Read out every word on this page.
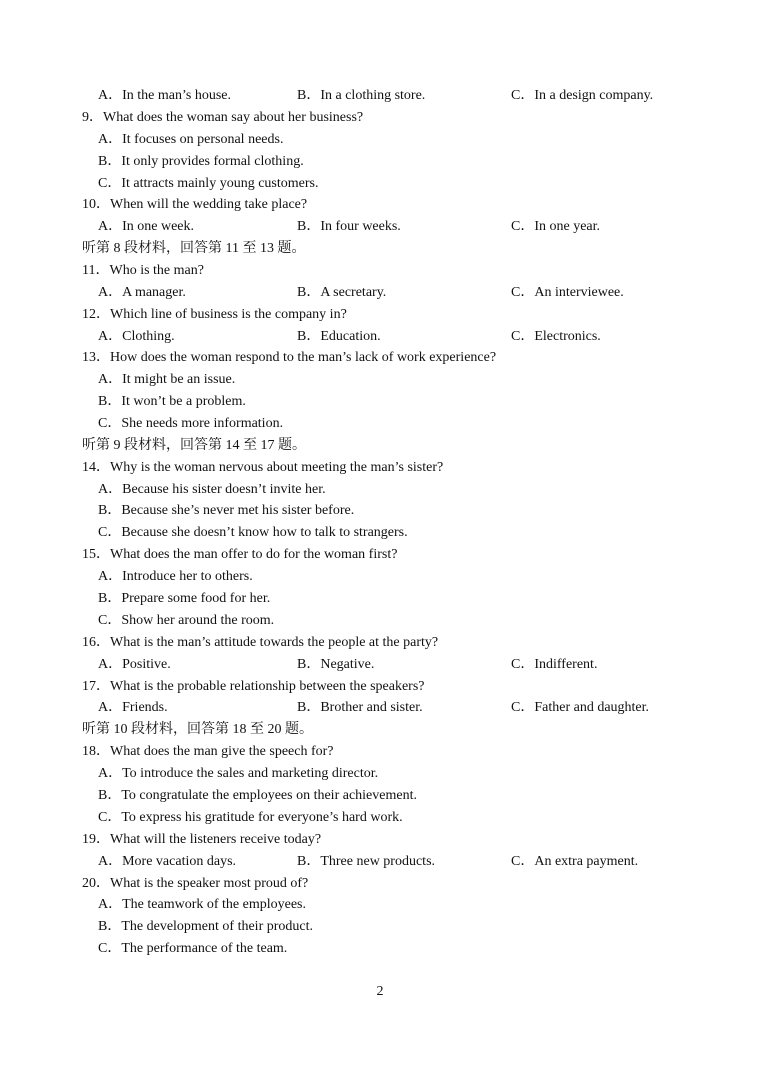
A．In the man’s house.	B．In a clothing store.	C．In a design company.
9．What does the woman say about her business?
A．It focuses on personal needs.
B．It only provides formal clothing.
C．It attracts mainly young customers.
10．When will the wedding take place?
A．In one week.	B．In four weeks.	C．In one year.
听第 8 段材料，回答第 11 至 13 题。
11．Who is the man?
A．A manager.	B．A secretary.	C．An interviewee.
12．Which line of business is the company in?
A．Clothing.	B．Education.	C．Electronics.
13．How does the woman respond to the man’s lack of work experience?
A．It might be an issue.
B．It won’t be a problem.
C．She needs more information.
听第 9 段材料，回答第 14 至 17 题。
14．Why is the woman nervous about meeting the man’s sister?
A．Because his sister doesn’t invite her.
B．Because she’s never met his sister before.
C．Because she doesn’t know how to talk to strangers.
15．What does the man offer to do for the woman first?
A．Introduce her to others.
B．Prepare some food for her.
C．Show her around the room.
16．What is the man’s attitude towards the people at the party?
A．Positive.	B．Negative.	C．Indifferent.
17．What is the probable relationship between the speakers?
A．Friends.	B．Brother and sister.	C．Father and daughter.
听第 10 段材料，回答第 18 至 20 题。
18．What does the man give the speech for?
A．To introduce the sales and marketing director.
B．To congratulate the employees on their achievement.
C．To express his gratitude for everyone’s hard work.
19．What will the listeners receive today?
A．More vacation days.	B．Three new products.	C．An extra payment.
20．What is the speaker most proud of?
A．The teamwork of the employees.
B．The development of their product.
C．The performance of the team.
2
